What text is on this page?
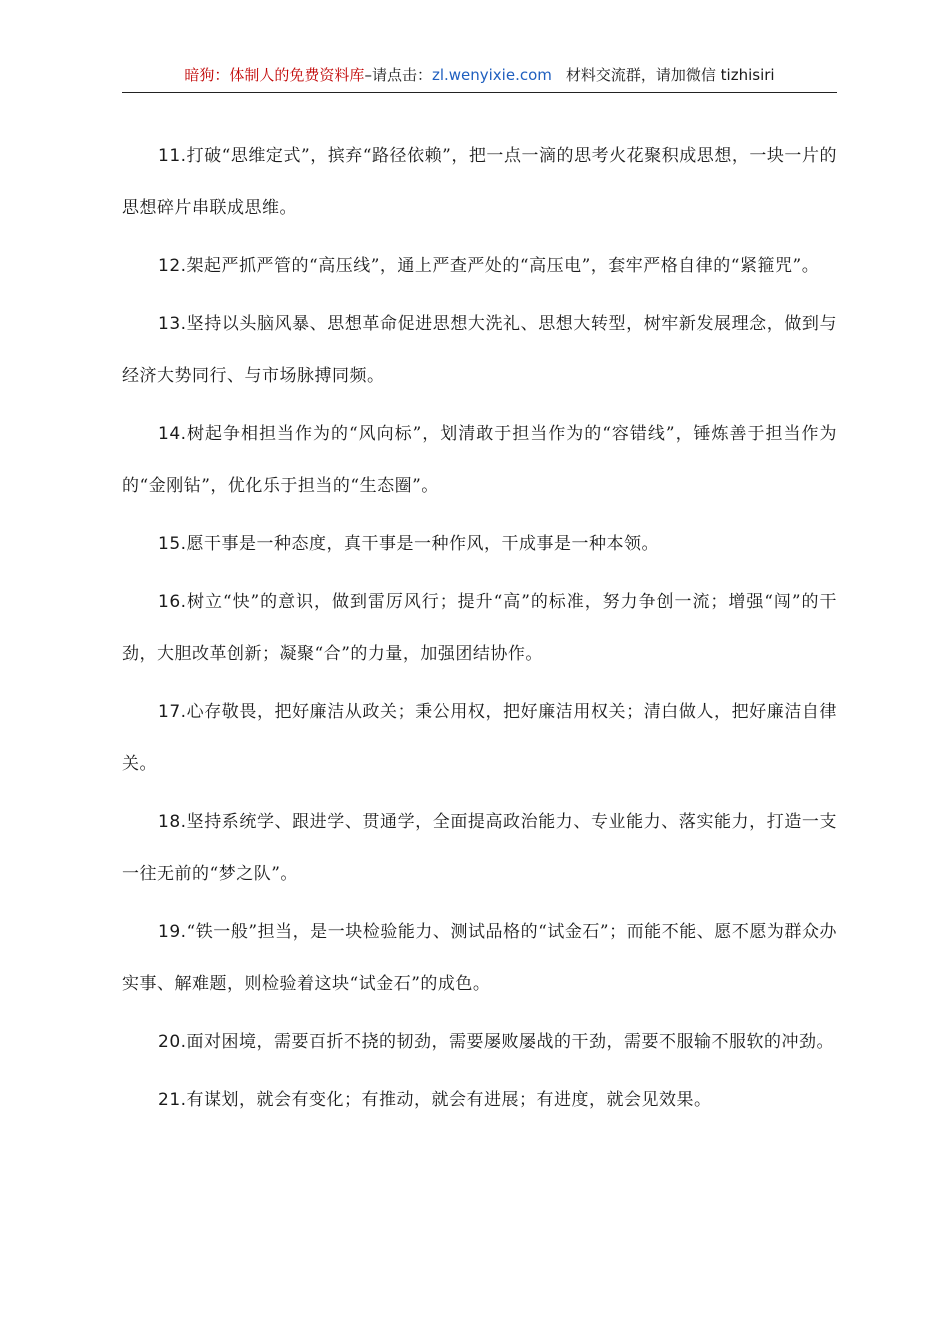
暗狗：体制人的免费资料库–请点击：zl.wenyixie.com 材料交流群，请加微信 tizhisiri

11.打破“思维定式”，摈弃“路径依赖”，把一点一滴的思考火花聚积成思想，一块一片的思想碎片串联成思维。

12.架起严抓严管的“高压线”，通上严查严处的“高压电”，套牢严格自律的“紧箍咒”。

13.坚持以头脑风暴、思想革命促进思想大洗礼、思想大转型，树牢新发展理念，做到与经济大势同行、与市场脉搏同频。

14.树起争相担当作为的“风向标”，划清敢于担当作为的“容错线”，锤炼善于担当作为的“金刚钻”，优化乐于担当的“生态圈”。

15.愿干事是一种态度，真干事是一种作风，干成事是一种本领。

16.树立“快”的意识，做到雷厉风行；提升“高”的标准，努力争创一流；增强“闯”的干劲，大胆改革创新；凝聚“合”的力量，加强团结协作。

17.心存敬畏，把好廉洁从政关；秉公用权，把好廉洁用权关；清白做人，把好廉洁自律关。

18.坚持系统学、跟进学、贯通学，全面提高政治能力、专业能力、落实能力，打造一支一往无前的“梦之队”。

19.“铁一般”担当，是一块检验能力、测试品格的“试金石”；而能不能、愿不愿为群众办实事、解难题，则检验着这块“试金石”的成色。

20.面对困境，需要百折不挠的韧劲，需要屡败屡战的干劲，需要不服输不服软的冲劲。

21.有谋划，就会有变化；有推动，就会有进展；有进度，就会见效果。
